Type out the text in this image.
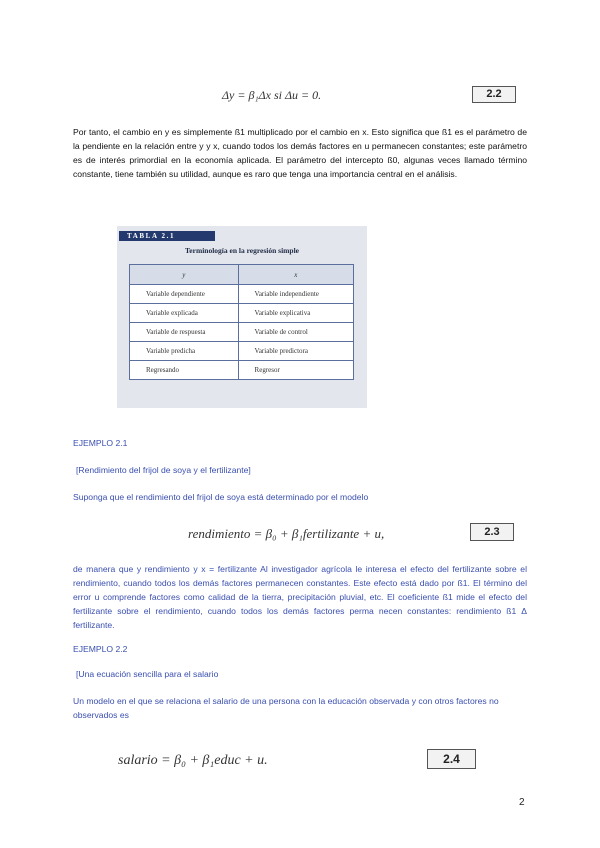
Δy = β₁Δx si Δu = 0.	2.2
Por tanto, el cambio en y es simplemente ß1 multiplicado por el cambio en x. Esto significa que ß1 es el parámetro de la pendiente en la relación entre y y x, cuando todos los demás factores en u permanecen constantes; este parámetro es de interés primordial en la economía aplicada. El parámetro del intercepto ß0, algunas veces llamado término constante, tiene también su utilidad, aunque es raro que tenga una importancia central en el análisis.
TABLA 2.1
Terminología en la regresión simple
y	x
Variable dependiente	Variable independiente
Variable explicada	Variable explicativa
Variable de respuesta	Variable de control
Variable predicha	Variable predictora
Regresando	Regresor
EJEMPLO 2.1
[Rendimiento del frijol de soya y el fertilizante]
Suponga que el rendimiento del frijol de soya está determinado por el modelo
rendimiento = β₀ + β₁fertilizante + u,	2.3
de manera que y rendimiento y x = fertilizante Al investigador agrícola le interesa el efecto del fertilizante sobre el rendimiento, cuando todos los demás factores permanecen constantes. Este efecto está dado por ß1. El término del error u comprende factores como calidad de la tierra, precipitación pluvial, etc. El coeficiente ß1 mide el efecto del fertilizante sobre el rendimiento, cuando todos los demás factores perma necen constantes: rendimiento ß1 Δ fertilizante.
EJEMPLO 2.2
[Una ecuación sencilla para el salario
Un modelo en el que se relaciona el salario de una persona con la educación observada y con otros factores no observados es
salario = β₀ + β₁educ + u.	2.4
2
